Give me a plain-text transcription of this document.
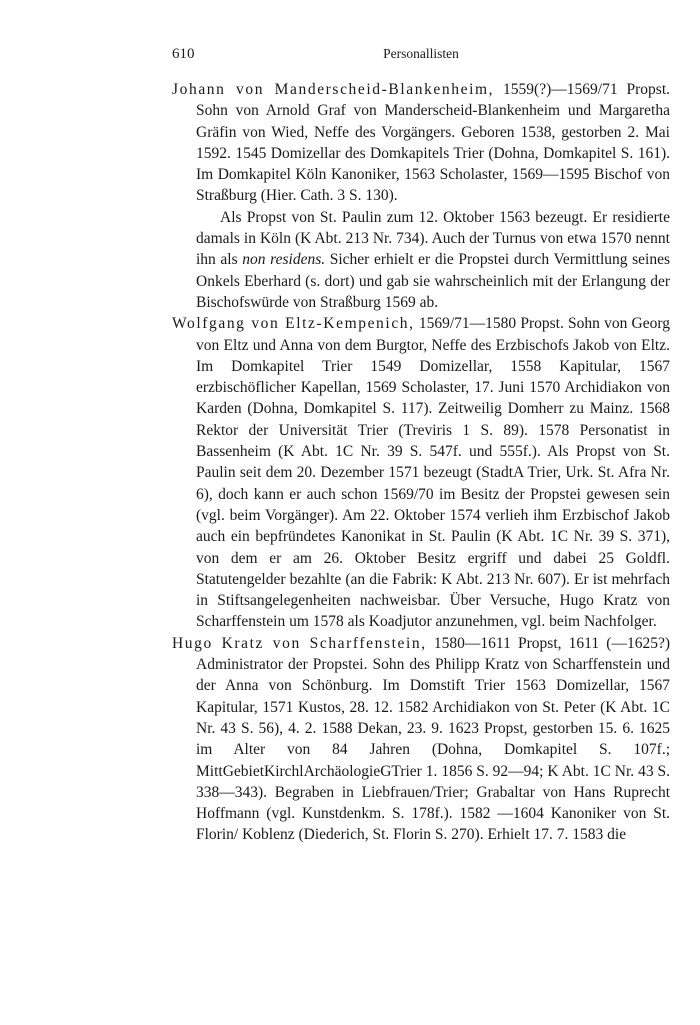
610	Personallisten

Johann von Manderscheid-Blankenheim, 1559(?)—1569/71 Propst. Sohn von Arnold Graf von Manderscheid-Blankenheim und Margaretha Gräfin von Wied, Neffe des Vorgängers. Geboren 1538, gestorben 2. Mai 1592. 1545 Domizellar des Domkapitels Trier (Dohna, Domkapitel S. 161). Im Domkapitel Köln Kanoniker, 1563 Scholaster, 1569—1595 Bischof von Straßburg (Hier. Cath. 3 S. 130).

Als Propst von St. Paulin zum 12. Oktober 1563 bezeugt. Er residierte damals in Köln (K Abt. 213 Nr. 734). Auch der Turnus von etwa 1570 nennt ihn als non residens. Sicher erhielt er die Propstei durch Vermittlung seines Onkels Eberhard (s. dort) und gab sie wahrscheinlich mit der Erlangung der Bischofswürde von Straßburg 1569 ab.

Wolfgang von Eltz-Kempenich, 1569/71—1580 Propst. Sohn von Georg von Eltz und Anna von dem Burgtor, Neffe des Erzbischofs Jakob von Eltz. Im Domkapitel Trier 1549 Domizellar, 1558 Kapitular, 1567 erzbischöflicher Kapellan, 1569 Scholaster, 17. Juni 1570 Archidiakon von Karden (Dohna, Domkapitel S. 117). Zeitweilig Domherr zu Mainz. 1568 Rektor der Universität Trier (Treviris 1 S. 89). 1578 Personatist in Bassenheim (K Abt. 1C Nr. 39 S. 547f. und 555f.). Als Propst von St. Paulin seit dem 20. Dezember 1571 bezeugt (StadtA Trier, Urk. St. Afra Nr. 6), doch kann er auch schon 1569/70 im Besitz der Propstei gewesen sein (vgl. beim Vorgänger). Am 22. Oktober 1574 verlieh ihm Erzbischof Jakob auch ein bepfründetes Kanonikat in St. Paulin (K Abt. 1C Nr. 39 S. 371), von dem er am 26. Oktober Besitz ergriff und dabei 25 Goldfl. Statutengelder bezahlte (an die Fabrik: K Abt. 213 Nr. 607). Er ist mehrfach in Stiftsangelegenheiten nachweisbar. Über Versuche, Hugo Kratz von Scharffenstein um 1578 als Koadjutor anzunehmen, vgl. beim Nachfolger.

Hugo Kratz von Scharffenstein, 1580—1611 Propst, 1611 (—1625?) Administrator der Propstei. Sohn des Philipp Kratz von Scharffenstein und der Anna von Schönburg. Im Domstift Trier 1563 Domizellar, 1567 Kapitular, 1571 Kustos, 28. 12. 1582 Archidiakon von St. Peter (K Abt. 1C Nr. 43 S. 56), 4. 2. 1588 Dekan, 23. 9. 1623 Propst, gestorben 15. 6. 1625 im Alter von 84 Jahren (Dohna, Domkapitel S. 107f.; MittGebietKirchlArchäologieGTrier 1. 1856 S. 92—94; K Abt. 1C Nr. 43 S. 338—343). Begraben in Liebfrauen/Trier; Grabaltar von Hans Ruprecht Hoffmann (vgl. Kunstdenkm. S. 178f.). 1582 —1604 Kanoniker von St. Florin/ Koblenz (Diederich, St. Florin S. 270). Erhielt 17. 7. 1583 die
